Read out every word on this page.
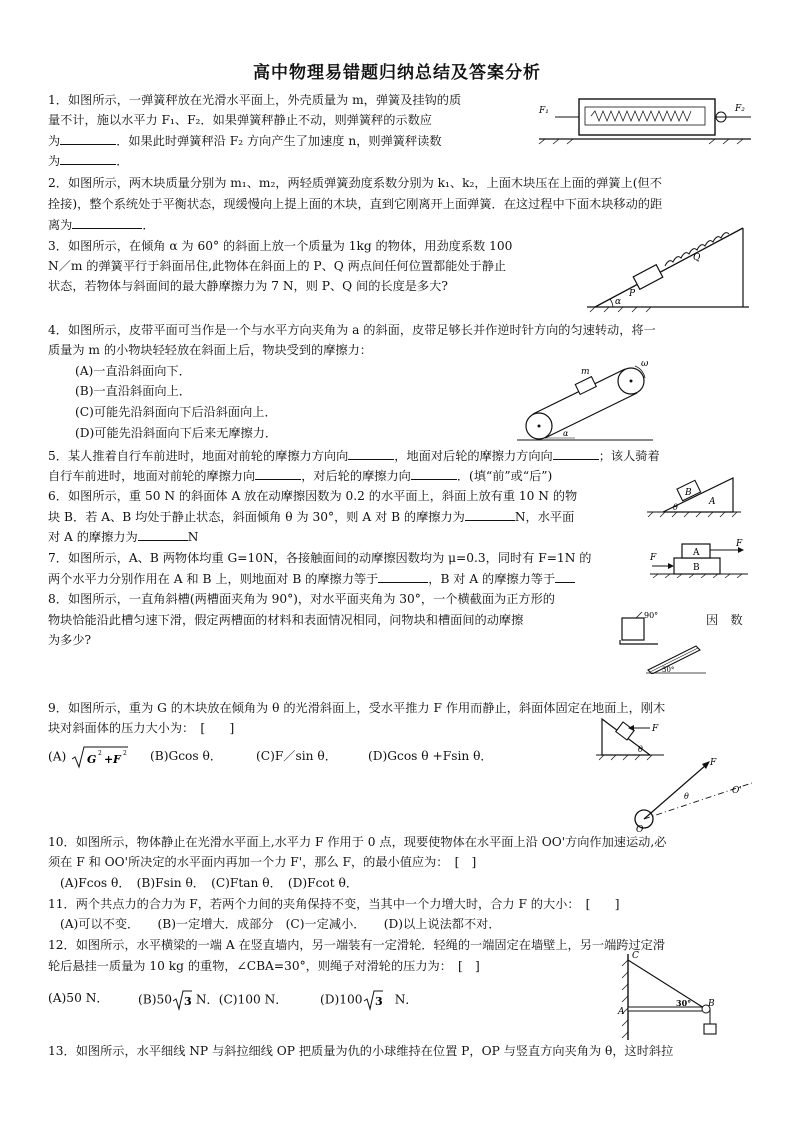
高中物理易错题归纳总结及答案分析
1．如图所示，一弹簧秤放在光滑水平面上，外壳质量为 m，弹簧及挂钩的质
量不计，施以水平力 F₁、F₂．如果弹簧秤静止不动，则弹簧秤的示数应
为	．如果此时弹簧秤沿 F₂ 方向产生了加速度 n，则弹簧秤读数
为	．
F₁	F₂
2．如图所示，两木块质量分别为 m₁、m₂，两轻质弹簧劲度系数分别为 k₁、k₂，上面木块压在上面的弹簧上(但不
拴接)，整个系统处于平衡状态，现缓慢向上提上面的木块，直到它刚离开上面弹簧．在这过程中下面木块移动的距
离为	．
3．如图所示，在倾角 α 为 60° 的斜面上放一个质量为 1kg 的物体，用劲度系数 100
N／m 的弹簧平行于斜面吊住,此物体在斜面上的 P、Q 两点间任何位置都能处于静止
状态，若物体与斜面间的最大静摩擦力为 7 N，则 P、Q 间的长度是多大?
Q
P
α
4．如图所示，皮带平面可当作是一个与水平方向夹角为 a 的斜面，皮带足够长并作逆时针方向的匀速转动，将一
质量为 m 的小物块轻轻放在斜面上后，物块受到的摩擦力：
(A)一直沿斜面向下．
(B)一直沿斜面向上．
(C)可能先沿斜面向下后沿斜面向上．
(D)可能先沿斜面向下后来无摩擦力．
m
ω
α
5．某人推着自行车前进时，地面对前轮的摩擦力方向向	，地面对后轮的摩擦力方向向	；该人骑着
自行车前进时，地面对前轮的摩擦力向	，对后轮的摩擦力向	．(填“前”或“后”)
6．如图所示，重 50 N 的斜面体 A 放在动摩擦因数为 0.2 的水平面上，斜面上放有重 10 N 的物
块 B．若 A、B 均处于静止状态，斜面倾角 θ 为 30°，则 A 对 B 的摩擦力为	N，水平面
对 A 的摩擦力为	N
B
A
θ
7．如图所示，A、B 两物体均重 G=10N，各接触面间的动摩擦因数均为 μ=0.3，同时有 F=1N 的
两个水平力分别作用在 A 和 B 上，则地面对 B 的摩擦力等于	，B 对 A 的摩擦力等于
A
B
F
F
8．如图所示，一直角斜槽(两槽面夹角为 90°)，对水平面夹角为 30°，一个横截面为正方形的
物块恰能沿此槽匀速下滑，假定两槽面的材料和表面情况相同，问物块和槽面间的动摩擦	因　数
为多少?
90°
30°
9．如图所示，重为 G 的木块放在倾角为 θ 的光滑斜面上，受水平推力 F 作用而静止，斜面体固定在地面上，刚木
块对斜面体的压力大小为：　[　　]
(A) G 2 + F 2 (B)Gcos θ．	(C)F／sin θ．	(D)Gcos θ +Fsin θ．
F
θ
F
θ
O
O'
10．如图所示，物体静止在光滑水平面上,水平力 F 作用于 0 点，现要使物体在水平面上沿 OO'方向作加速运动,必
须在 F 和 OO'所决定的水平面内再加一个力 F'，那么 F，的最小值应为：　[　]
(A)Fcos θ．　(B)Fsin θ．　(C)Ftan θ．　(D)Fcot θ．
11．两个共点力的合力为 F，若两个力间的夹角保持不变，当其中一个力增大时，合力 F 的大小：　[　　]
(A)可以不变．　　(B)一定增大．成部分　(C)一定减小．　　(D)以上说法都不对．
12．如图所示，水平横梁的一端 A 在竖直墙内，另一端装有一定滑轮．轻绳的一端固定在墙壁上，另一端跨过定滑
轮后悬挂一质量为 10 kg 的重物，∠CBA=30°，则绳子对滑轮的压力为：　[　]
(A)50 N． (B)50 3 N．(C)100 N．	(D)100 3
　 N．
C
A
B
30°
13．如图所示，水平细线 NP 与斜拉细线 OP 把质量为仇的小球维持在位置 P，OP 与竖直方向夹角为 θ，这时斜拉
